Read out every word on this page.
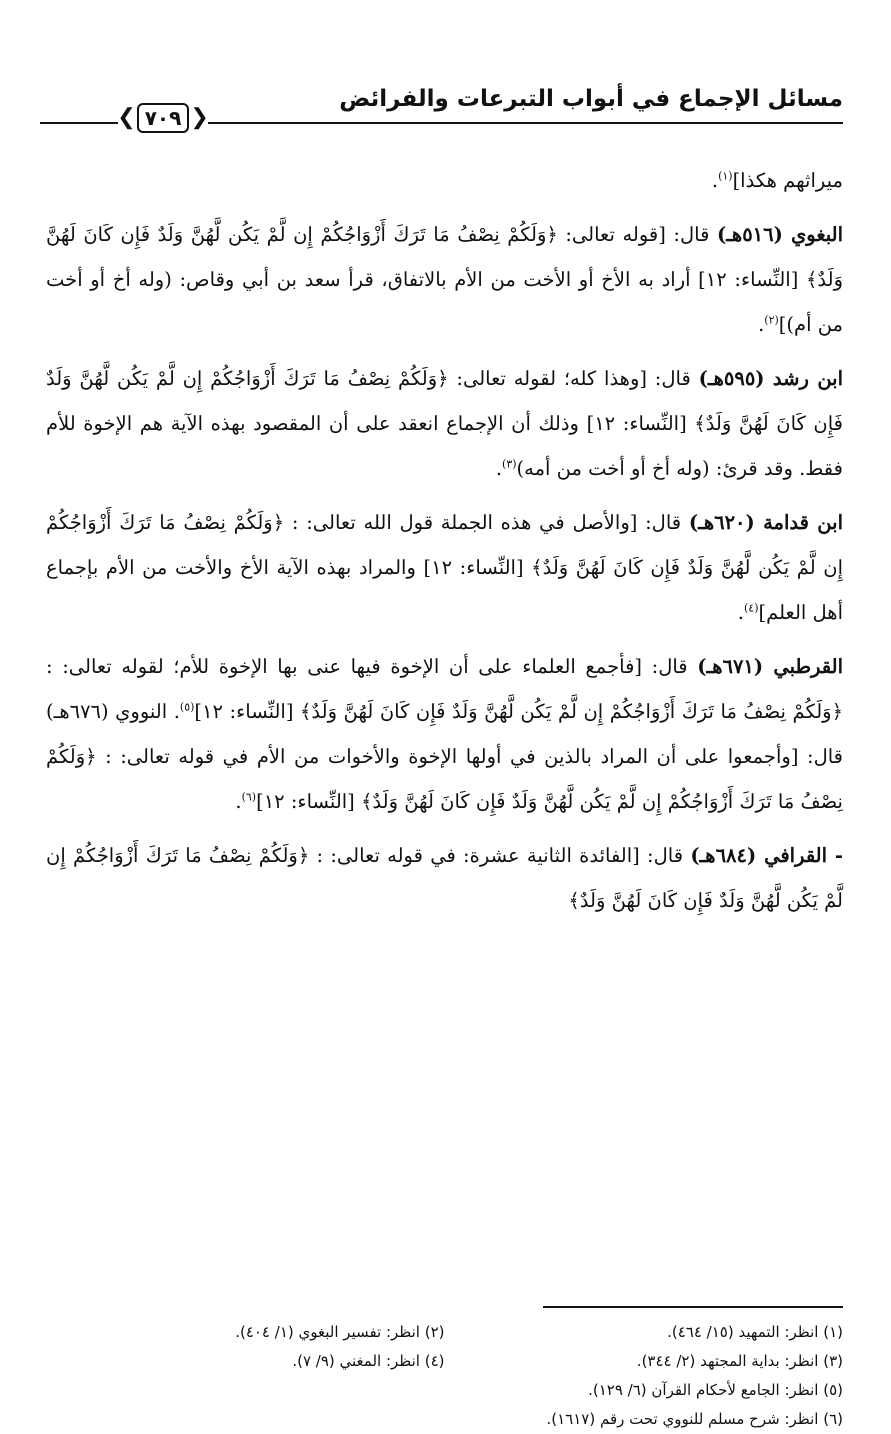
❮ ٧٠٩ ❯
مسائل الإجماع في أبواب التبرعات والفرائض

ميراثهم هكذا]$^{(١)}$.

البغوي (٥١٦هـ) قال: [قوله تعالى: ﴿وَلَكُمْ نِصْفُ مَا تَرَكَ أَزْوَاجُكُمْ إِن لَّمْ يَكُن لَّهُنَّ وَلَدٌ فَإِن كَانَ لَهُنَّ وَلَدٌ﴾ [النِّساء: ١٢] أراد به الأخ أو الأخت من الأم بالاتفاق، قرأ سعد بن أبي وقاص: (وله أخ أو أخت من أم)]$^{(٢)}$.

ابن رشد (٥٩٥هـ) قال: [وهذا كله؛ لقوله تعالى: ﴿وَلَكُمْ نِصْفُ مَا تَرَكَ أَزْوَاجُكُمْ إِن لَّمْ يَكُن لَّهُنَّ وَلَدٌ فَإِن كَانَ لَهُنَّ وَلَدٌ﴾ [النِّساء: ١٢] وذلك أن الإجماع انعقد على أن المقصود بهذه الآية هم الإخوة للأم فقط. وقد قرئ: (وله أخ أو أخت من أمه)$^{(٣)}$.

ابن قدامة (٦٢٠هـ) قال: [والأصل في هذه الجملة قول الله تعالى: : ﴿وَلَكُمْ نِصْفُ مَا تَرَكَ أَزْوَاجُكُمْ إِن لَّمْ يَكُن لَّهُنَّ وَلَدٌ فَإِن كَانَ لَهُنَّ وَلَدٌ﴾ [النِّساء: ١٢] والمراد بهذه الآية الأخ والأخت من الأم بإجماع أهل العلم]$^{(٤)}$.

القرطبي (٦٧١هـ) قال: [فأجمع العلماء على أن الإخوة فيها عنى بها الإخوة للأم؛ لقوله تعالى: : ﴿وَلَكُمْ نِصْفُ مَا تَرَكَ أَزْوَاجُكُمْ إِن لَّمْ يَكُن لَّهُنَّ وَلَدٌ فَإِن كَانَ لَهُنَّ وَلَدٌ﴾ [النِّساء: ١٢]$^{(٥)}$. النووي (٦٧٦هـ) قال: [وأجمعوا على أن المراد بالذين في أولها الإخوة والأخوات من الأم في قوله تعالى: : ﴿وَلَكُمْ نِصْفُ مَا تَرَكَ أَزْوَاجُكُمْ إِن لَّمْ يَكُن لَّهُنَّ وَلَدٌ فَإِن كَانَ لَهُنَّ وَلَدٌ﴾ [النِّساء: ١٢]$^{(٦)}$.

- القرافي (٦٨٤هـ) قال: [الفائدة الثانية عشرة: في قوله تعالى: : ﴿وَلَكُمْ نِصْفُ مَا تَرَكَ أَزْوَاجُكُمْ إِن لَّمْ يَكُن لَّهُنَّ وَلَدٌ فَإِن كَانَ لَهُنَّ وَلَدٌ﴾

(١) انظر: التمهيد (١٥/ ٤٦٤).
(٢) انظر: تفسير البغوي (١/ ٤٠٤).
(٣) انظر: بداية المجتهد (٢/ ٣٤٤).
(٤) انظر: المغني (٩/ ٧).
(٥) انظر: الجامع لأحكام القرآن (٦/ ١٢٩).
(٦) انظر: شرح مسلم للنووي تحت رقم (١٦١٧).
